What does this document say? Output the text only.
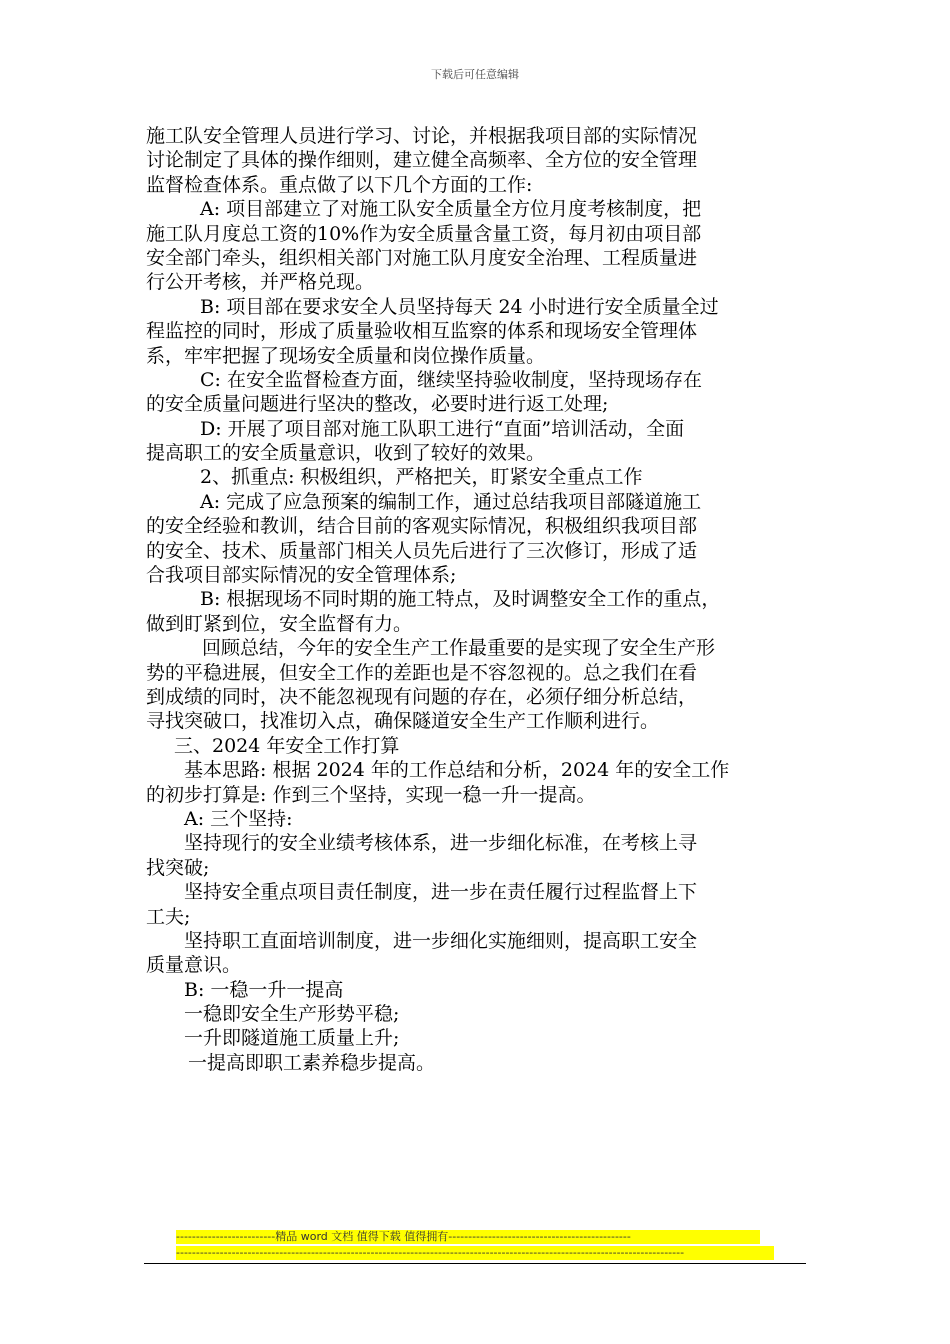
下载后可任意编辑
施工队安全管理人员进行学习、讨论，并根据我项目部的实际情况
讨论制定了具体的操作细则，建立健全高频率、全方位的安全管理
监督检查体系。重点做了以下几个方面的工作:
A: 项目部建立了对施工队安全质量全方位月度考核制度，把
施工队月度总工资的10%作为安全质量含量工资，每月初由项目部
安全部门牵头，组织相关部门对施工队月度安全治理、工程质量进
行公开考核，并严格兑现。
B: 项目部在要求安全人员坚持每天 24 小时进行安全质量全过
程监控的同时，形成了质量验收相互监察的体系和现场安全管理体
系，牢牢把握了现场安全质量和岗位操作质量。
C: 在安全监督检查方面，继续坚持验收制度，坚持现场存在
的安全质量问题进行坚决的整改，必要时进行返工处理;
D: 开展了项目部对施工队职工进行“直面”培训活动，全面
提高职工的安全质量意识，收到了较好的效果。
2、抓重点: 积极组织，严格把关，盯紧安全重点工作
A: 完成了应急预案的编制工作，通过总结我项目部隧道施工
的安全经验和教训，结合目前的客观实际情况，积极组织我项目部
的安全、技术、质量部门相关人员先后进行了三次修订，形成了适
合我项目部实际情况的安全管理体系;
B: 根据现场不同时期的施工特点，及时调整安全工作的重点，
做到盯紧到位，安全监督有力。
回顾总结，今年的安全生产工作最重要的是实现了安全生产形
势的平稳进展，但安全工作的差距也是不容忽视的。总之我们在看
到成绩的同时，决不能忽视现有问题的存在，必须仔细分析总结，
寻找突破口，找准切入点，确保隧道安全生产工作顺利进行。
三、2024 年安全工作打算
基本思路: 根据 2024 年的工作总结和分析，2024 年的安全工作
的初步打算是: 作到三个坚持，实现一稳一升一提高。
A: 三个坚持:
坚持现行的安全业绩考核体系，进一步细化标准，在考核上寻
找突破;
坚持安全重点项目责任制度，进一步在责任履行过程监督上下
工夫;
坚持职工直面培训制度，进一步细化实施细则，提高职工安全
质量意识。
B: 一稳一升一提高
一稳即安全生产形势平稳;
一升即隧道施工质量上升;
一提高即职工素养稳步提高。
-------------------------精品 word 文档 值得下载 值得拥有----------------------------------------------
--------------------------------------------------------------------------------------------------------------------------------
